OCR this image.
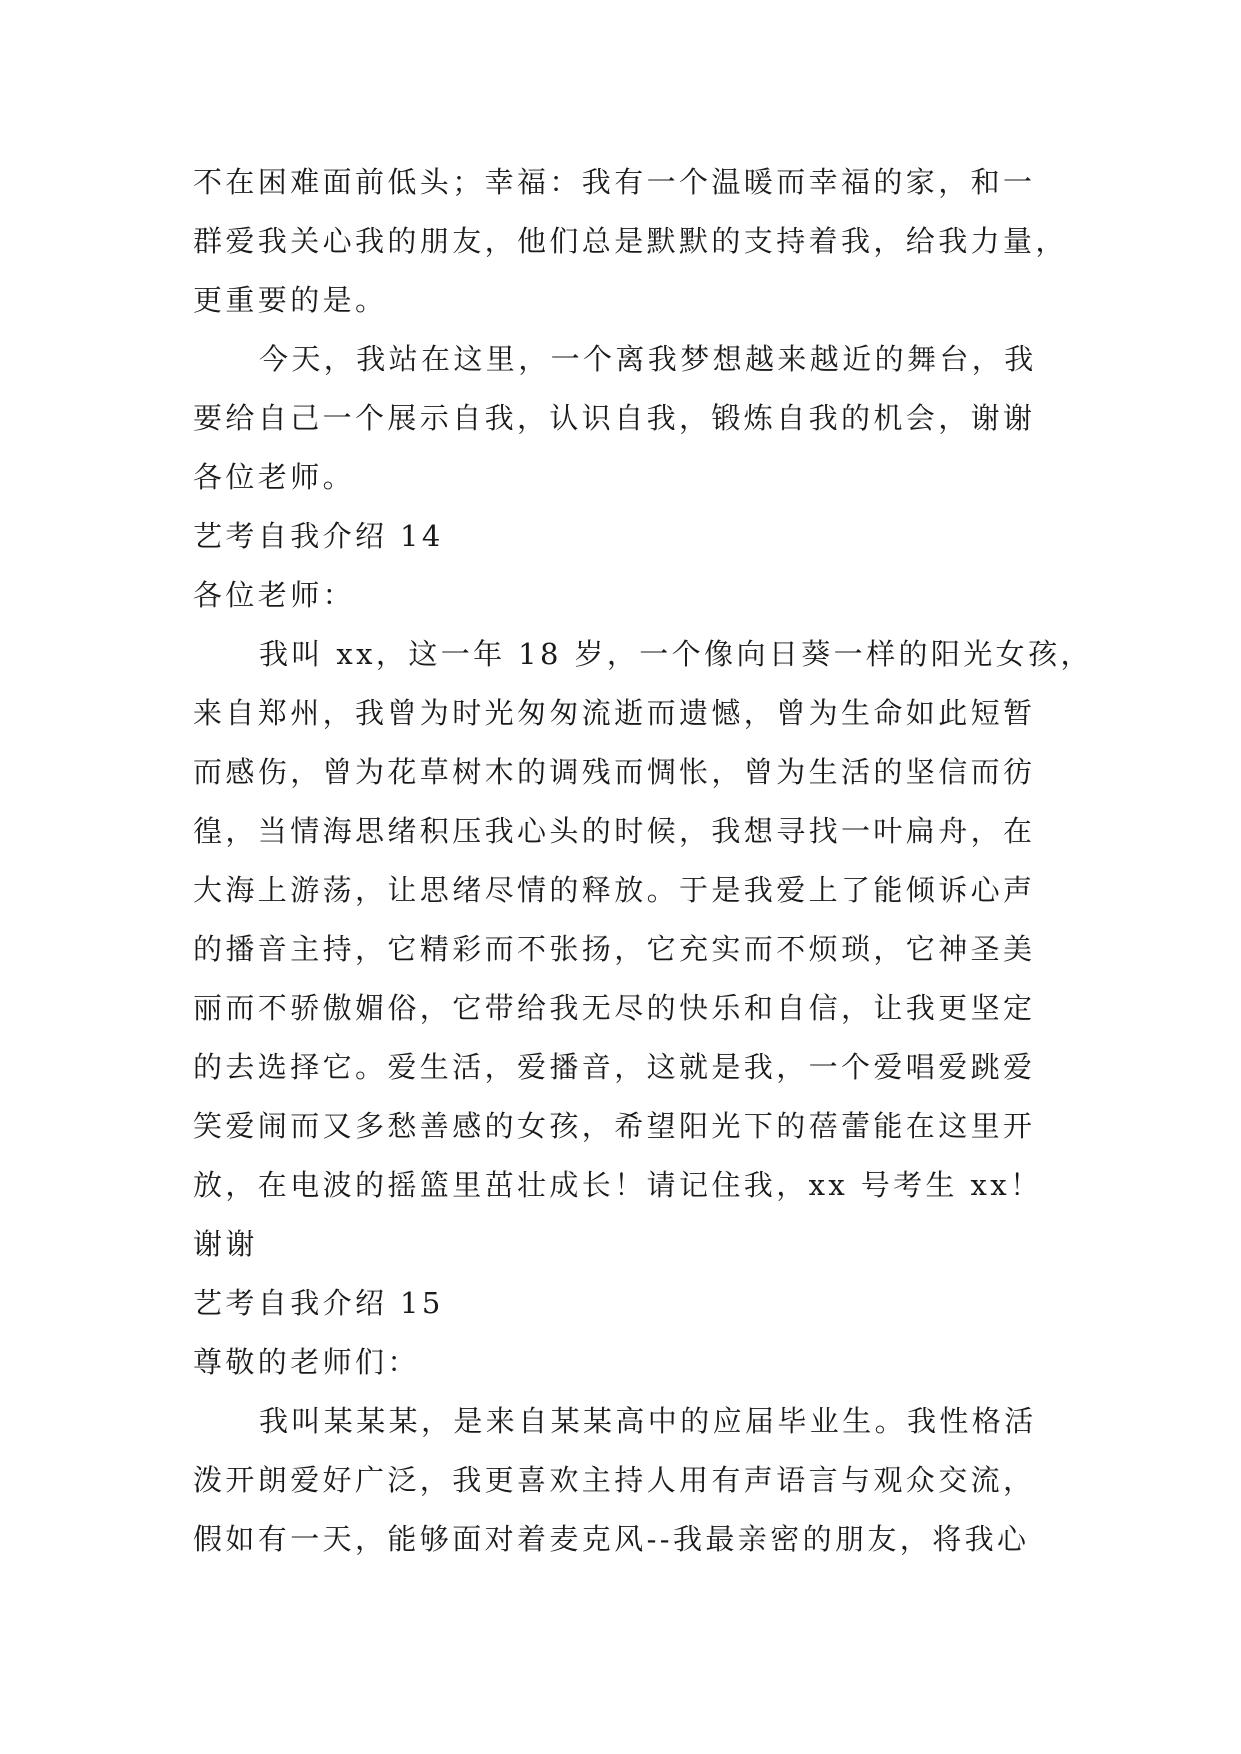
不在困难面前低头；幸福：我有一个温暖而幸福的家，和一
群爱我关心我的朋友，他们总是默默的支持着我，给我力量，
更重要的是。
今天，我站在这里，一个离我梦想越来越近的舞台，我
要给自己一个展示自我，认识自我，锻炼自我的机会，谢谢
各位老师。
艺考自我介绍 14
各位老师：
我叫 xx，这一年 18 岁，一个像向日葵一样的阳光女孩，
来自郑州，我曾为时光匆匆流逝而遗憾，曾为生命如此短暂
而感伤，曾为花草树木的调残而惆怅，曾为生活的坚信而彷
徨，当情海思绪积压我心头的时候，我想寻找一叶扁舟，在
大海上游荡，让思绪尽情的释放。于是我爱上了能倾诉心声
的播音主持，它精彩而不张扬，它充实而不烦琐，它神圣美
丽而不骄傲媚俗，它带给我无尽的快乐和自信，让我更坚定
的去选择它。爱生活，爱播音，这就是我，一个爱唱爱跳爱
笑爱闹而又多愁善感的女孩，希望阳光下的蓓蕾能在这里开
放，在电波的摇篮里茁壮成长！请记住我，xx 号考生 xx！
谢谢
艺考自我介绍 15
尊敬的老师们：
我叫某某某，是来自某某高中的应届毕业生。我性格活
泼开朗爱好广泛，我更喜欢主持人用有声语言与观众交流，
假如有一天，能够面对着麦克风--我最亲密的朋友，将我心
